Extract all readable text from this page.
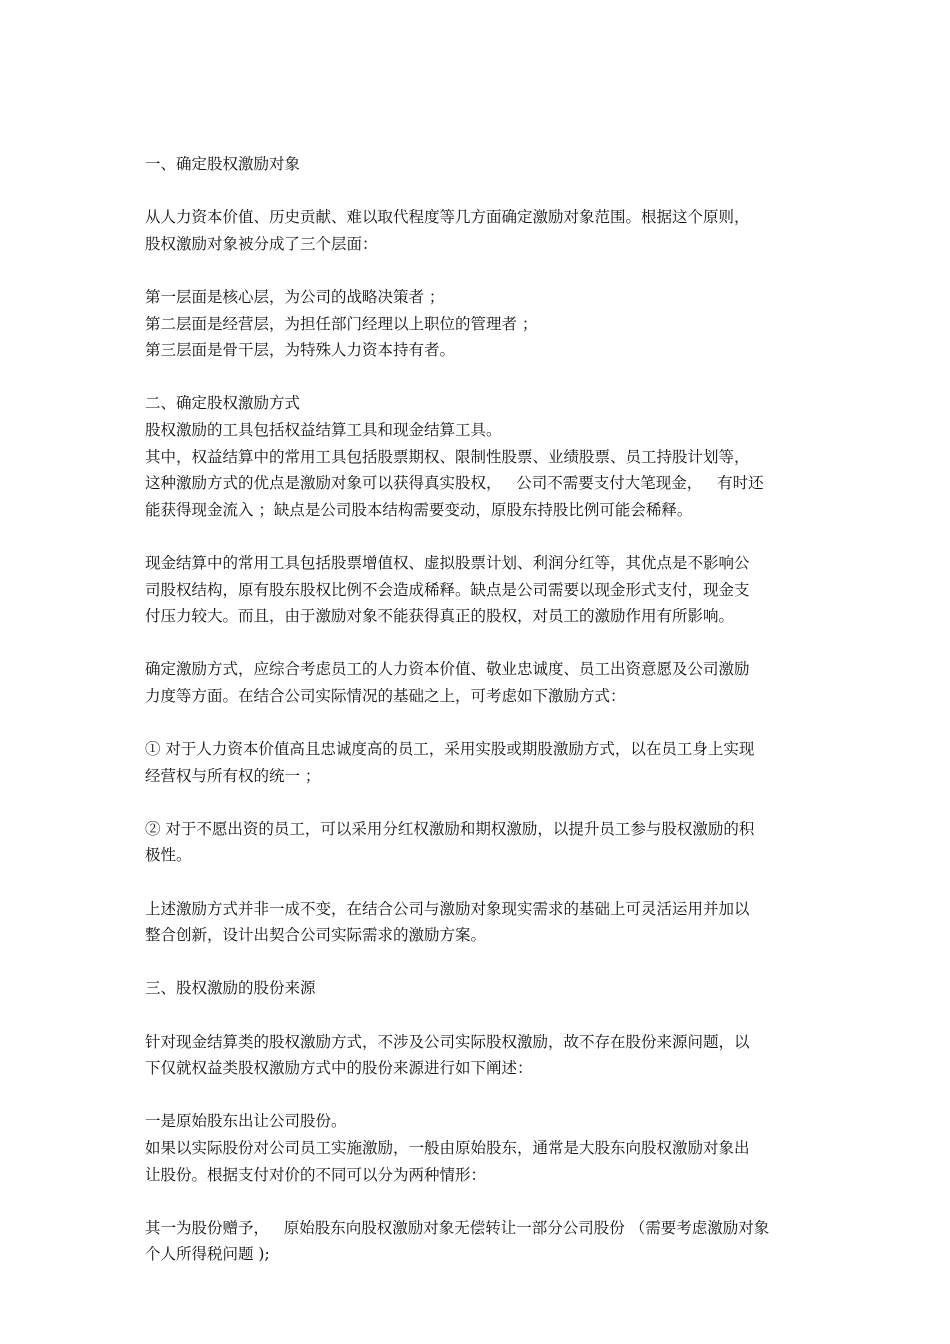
一、确定股权激励对象
从人力资本价值、历史贡献、难以取代程度等几方面确定激励对象范围。根据这个原则，
股权激励对象被分成了三个层面：
第一层面是核心层，为公司的战略决策者 ；
第二层面是经营层，为担任部门经理以上职位的管理者 ；
第三层面是骨干层，为特殊人力资本持有者。
二、确定股权激励方式
股权激励的工具包括权益结算工具和现金结算工具。
其中，权益结算中的常用工具包括股票期权、限制性股票、业绩股票、员工持股计划等，
这种激励方式的优点是激励对象可以获得真实股权，   公司不需要支付大笔现金，   有时还
能获得现金流入 ；缺点是公司股本结构需要变动，原股东持股比例可能会稀释。
现金结算中的常用工具包括股票增值权、虚拟股票计划、利润分红等，其优点是不影响公
司股权结构，原有股东股权比例不会造成稀释。缺点是公司需要以现金形式支付，现金支
付压力较大。而且，由于激励对象不能获得真正的股权，对员工的激励作用有所影响。
确定激励方式，应综合考虑员工的人力资本价值、敬业忠诚度、员工出资意愿及公司激励
力度等方面。在结合公司实际情况的基础之上，可考虑如下激励方式：
① 对于人力资本价值高且忠诚度高的员工，采用实股或期股激励方式，以在员工身上实现
经营权与所有权的统一 ；
② 对于不愿出资的员工，可以采用分红权激励和期权激励，以提升员工参与股权激励的积
极性。
上述激励方式并非一成不变，在结合公司与激励对象现实需求的基础上可灵活运用并加以
整合创新，设计出契合公司实际需求的激励方案。
三、股权激励的股份来源
针对现金结算类的股权激励方式，不涉及公司实际股权激励，故不存在股份来源问题，以
下仅就权益类股权激励方式中的股份来源进行如下阐述：
一是原始股东出让公司股份。
如果以实际股份对公司员工实施激励，一般由原始股东，通常是大股东向股权激励对象出
让股份。根据支付对价的不同可以分为两种情形：
其一为股份赠予，   原始股东向股权激励对象无偿转让一部分公司股份 （需要考虑激励对象
个人所得税问题 );
